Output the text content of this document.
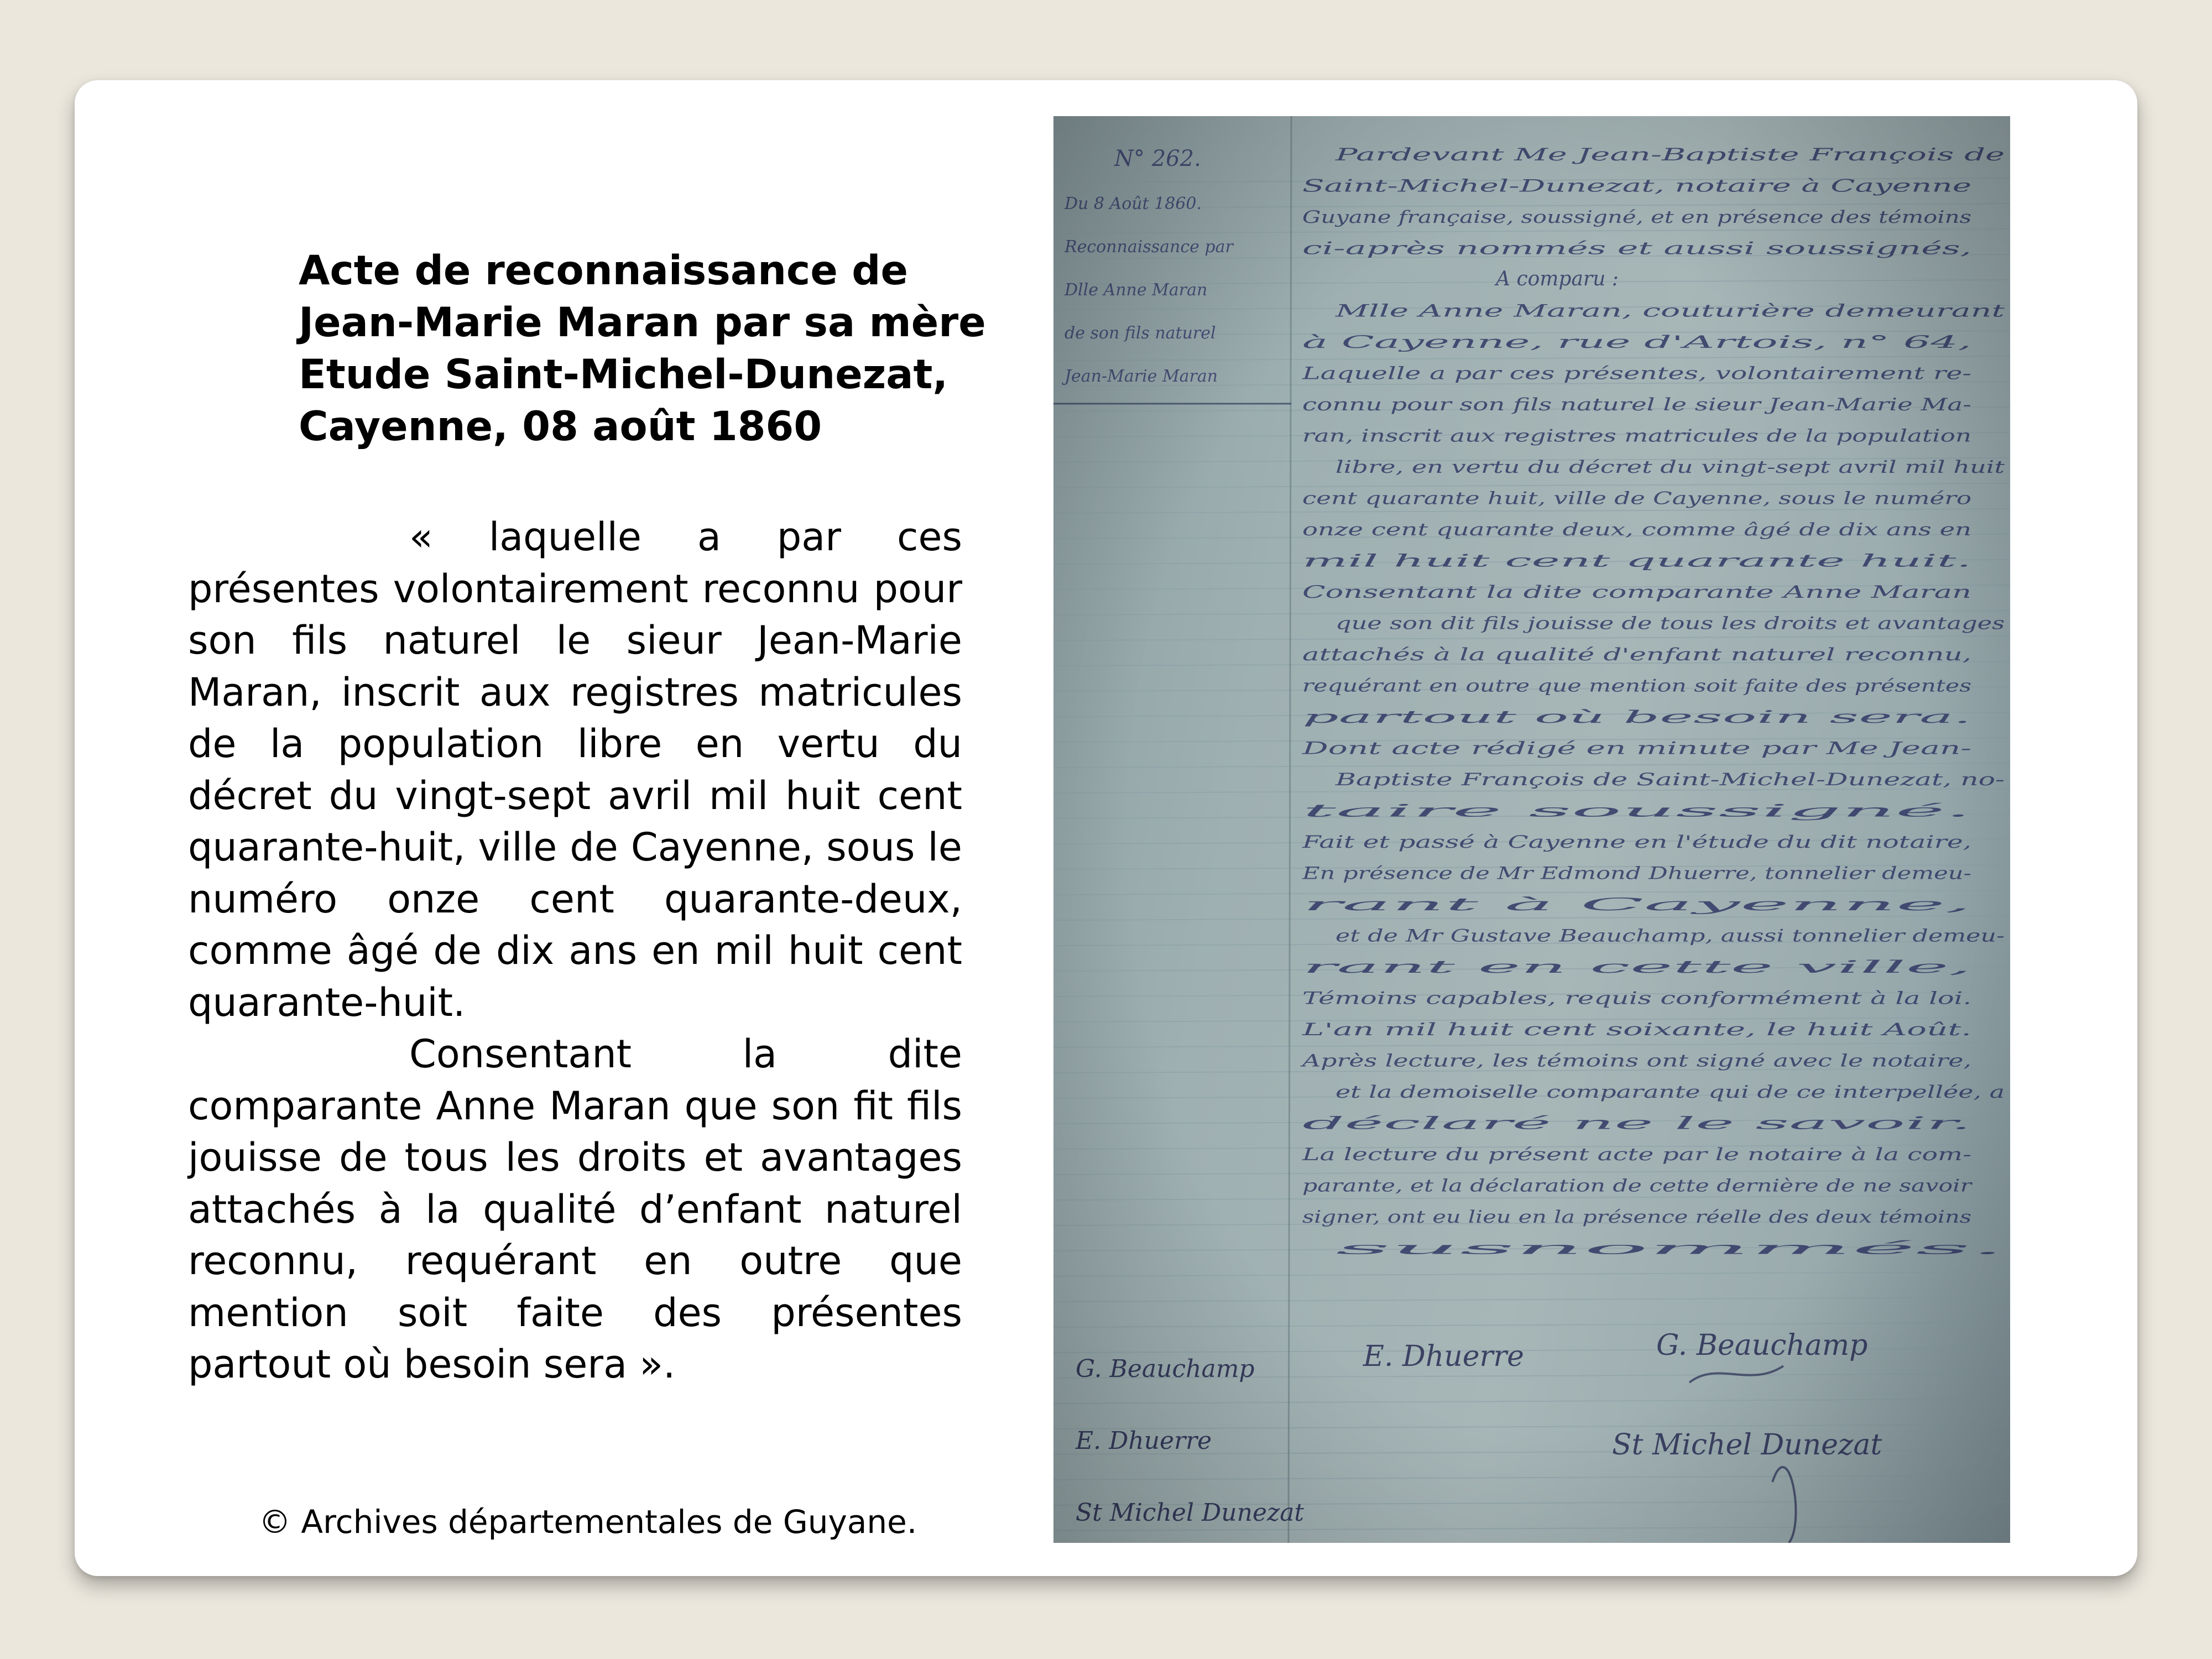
Acte de reconnaissance de
Jean-Marie Maran par sa mère
Etude Saint-Michel-Dunezat,
Cayenne, 08 août 1860

« laquelle a par ces présentes volontairement reconnu pour son fils naturel le sieur Jean-Marie Maran, inscrit aux registres matricules de la population libre en vertu du décret du vingt-sept avril mil huit cent quarante-huit, ville de Cayenne, sous le numéro onze cent quarante-deux, comme âgé de dix ans en mil huit cent quarante-huit.

Consentant la dite comparante Anne Maran que son fit fils jouisse de tous les droits et avantages attachés à la qualité d’enfant naturel reconnu, requérant en outre que mention soit faite des présentes partout où besoin sera ».

© Archives départementales de Guyane.
